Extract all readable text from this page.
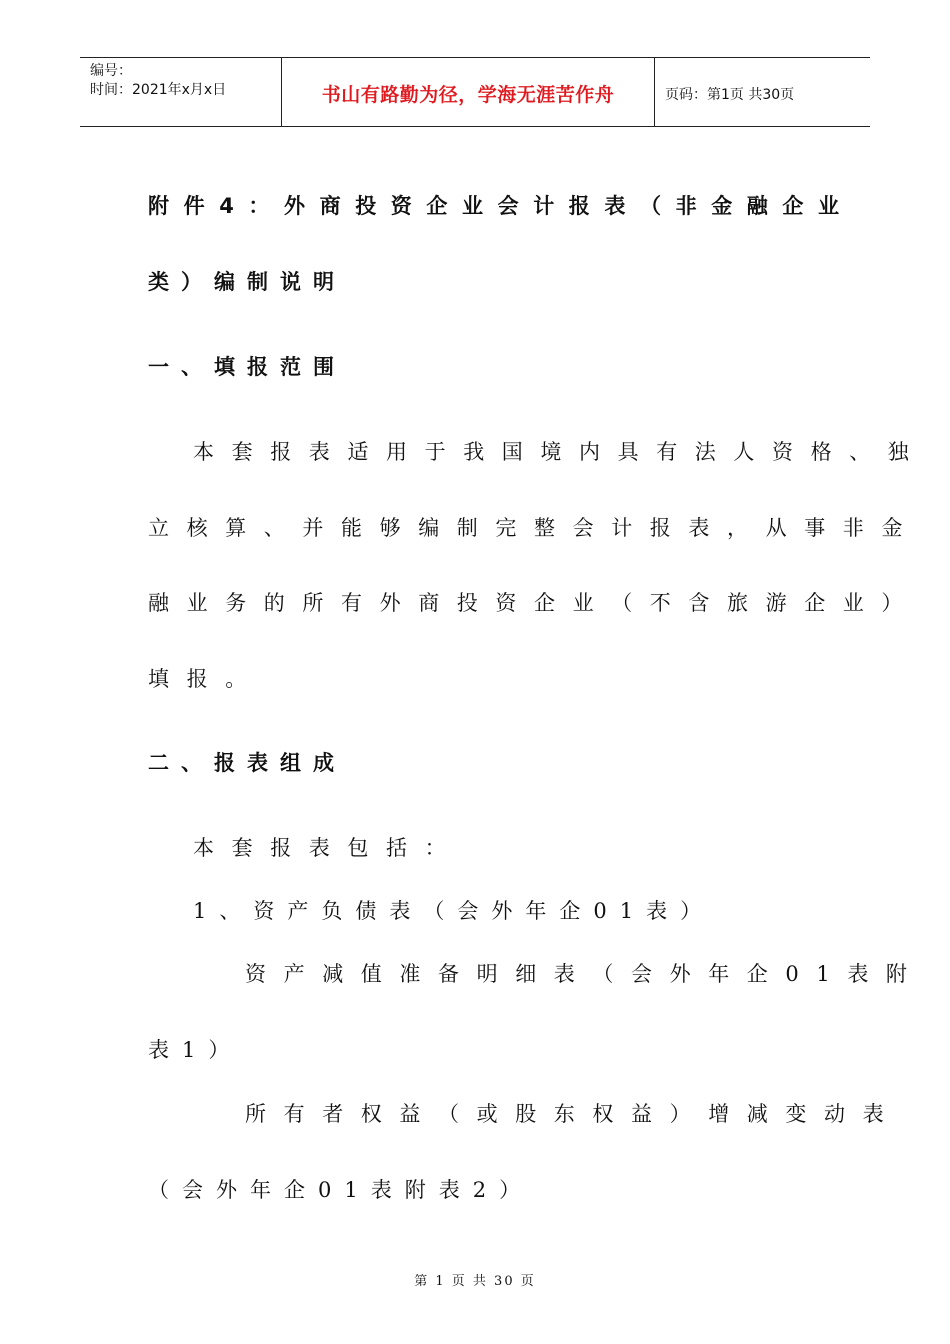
编号：
时间：2021年x月x日	书山有路勤为径，学海无涯苦作舟	页码：第1页 共30页
附件4：外商投资企业会计报表（非金融企业
类）编制说明
一、填报范围
本套报表适用于我国境内具有法人资格、独
立核算、并能够编制完整会计报表，从事非金
融业务的所有外商投资企业（不含旅游企业）
填报。
二、报表组成
本套报表包括：
1、资产负债表（会外年企01表）
资产减值准备明细表（会外年企01表附
表1）
所有者权益（或股东权益）增减变动表
（会外年企01表附表2）
第 1 页 共 30 页
